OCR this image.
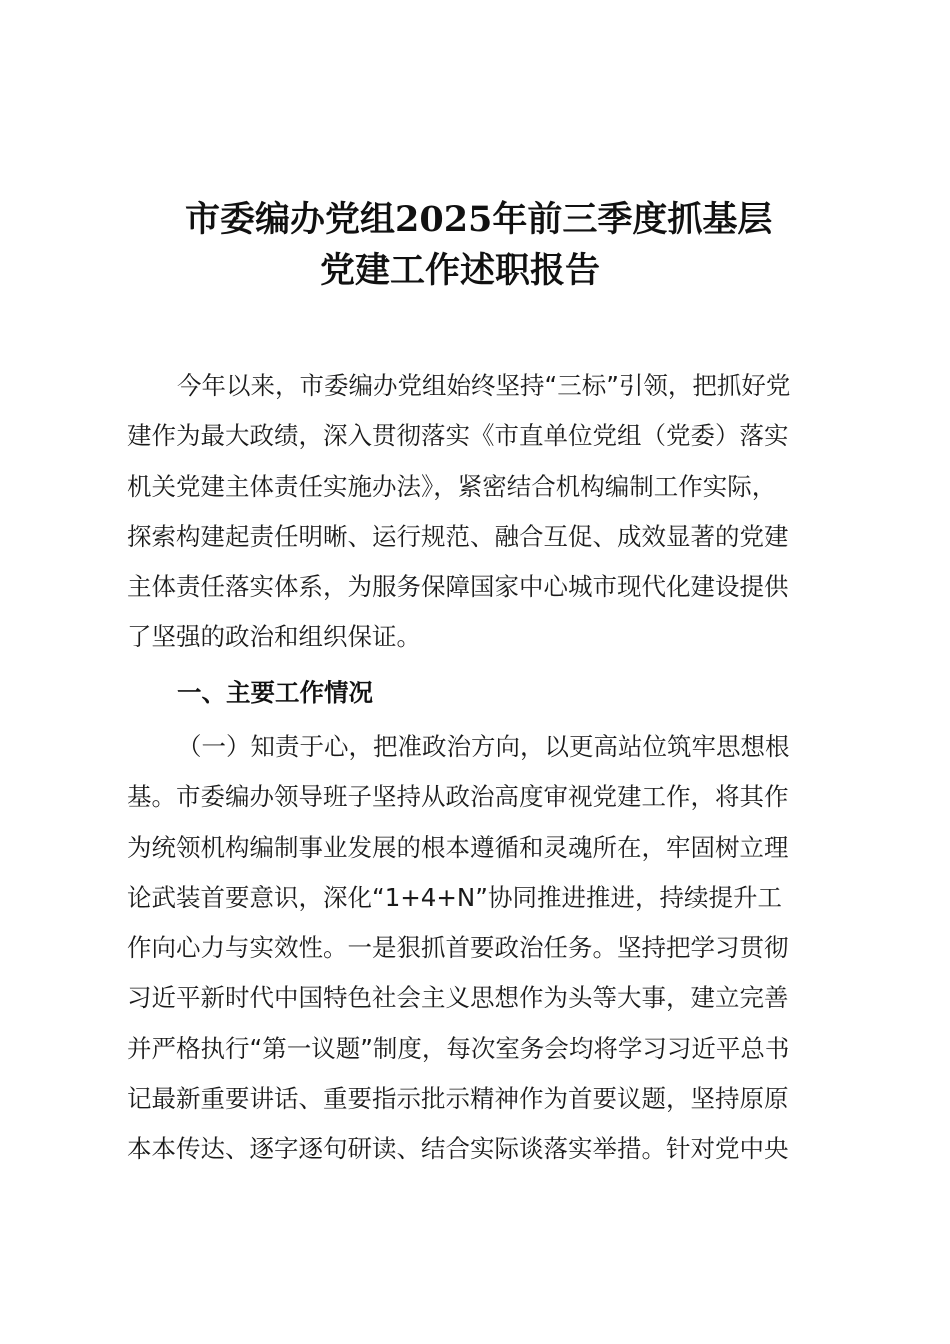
市委编办党组2025年前三季度抓基层
党建工作述职报告
今年以来，市委编办党组始终坚持“三标”引领，把抓好党
建作为最大政绩，深入贯彻落实《市直单位党组（党委）落实
机关党建主体责任实施办法》，紧密结合机构编制工作实际，
探索构建起责任明晰、运行规范、融合互促、成效显著的党建
主体责任落实体系，为服务保障国家中心城市现代化建设提供
了坚强的政治和组织保证。
一、主要工作情况
（一）知责于心，把准政治方向，以更高站位筑牢思想根
基。市委编办领导班子坚持从政治高度审视党建工作，将其作
为统领机构编制事业发展的根本遵循和灵魂所在，牢固树立理
论武装首要意识，深化“1+4+N”协同推进推进，持续提升工
作向心力与实效性。一是狠抓首要政治任务。坚持把学习贯彻
习近平新时代中国特色社会主义思想作为头等大事，建立完善
并严格执行“第一议题”制度，每次室务会均将学习习近平总书
记最新重要讲话、重要指示批示精神作为首要议题，坚持原原
本本传达、逐字逐句研读、结合实际谈落实举措。针对党中央
